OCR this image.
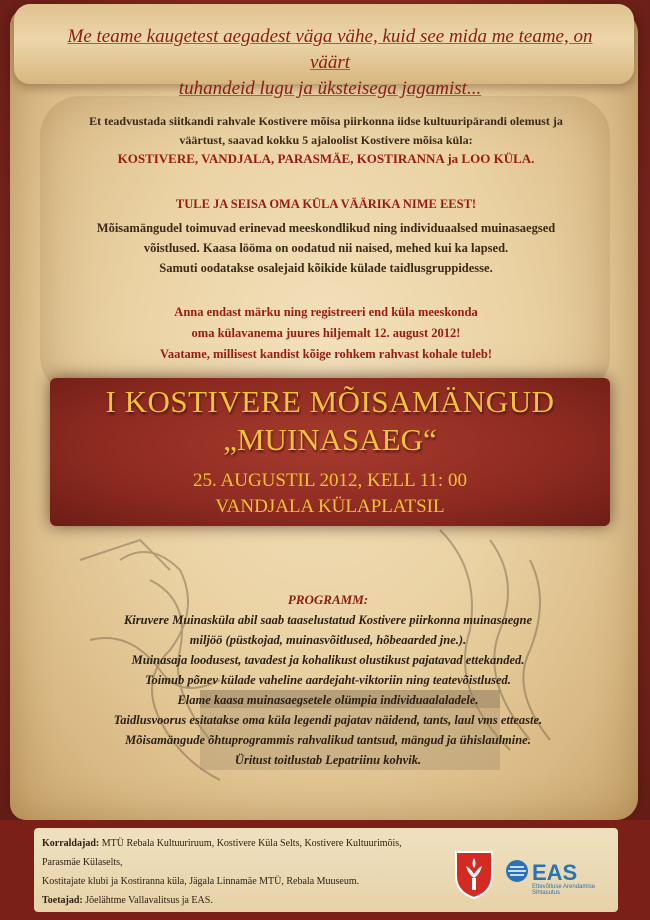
Me teame kaugetest aegadest väga vähe, kuid see mida me teame, on väärt
tuhandeid lugu ja üksteisega jagamist...
Et teadvustada siitkandi rahvale Kostivere mõisa piirkonna iidse kultuuripärandi olemust ja
väärtust, saavad kokku 5 ajaloolist Kostivere mõisa küla:
KOSTIVERE, VANDJALA, PARASMÄE, KOSTIRANNA ja LOO KÜLA.
TULE JA SEISA OMA KÜLA VÄÄRIKA NIME EEST!
Mõisamängudel toimuvad erinevad meeskondlikud ning individuaalsed muinasaegsed
võistlused. Kaasa lööma on oodatud nii naised, mehed kui ka lapsed.
Samuti oodatakse osalejaid kõikide külade taidlusgruppidesse.
Anna endast märku ning registreeri end küla meeskonda
oma külavanema juures hiljemalt 12. august 2012!
Vaatame, millisest kandist kõige rohkem rahvast kohale tuleb!
I KOSTIVERE MÕISAMÄNGUD
„MUINASAEG“
25. AUGUSTIL 2012, KELL 11: 00
VANDJALA KÜLAPLATSIL
PROGRAMM:
Kiruvere Muinasküla abil saab taaselustatud Kostivere piirkonna muinasaegne
miljöö (püstkojad, muinasvõitlused, hõbeaarded jne.).
Muinasaja loodusest, tavadest ja kohalikust olustikust pajatavad ettekanded.
Toimub põnev külade vaheline aardejaht-viktoriin ning teatevõistlused.
Elame kaasa muinasaegsetele olümpia individuaalaladele.
Taidlusvoorus esitatakse oma küla legendi pajatav näidend, tants, laul vms etteaste.
Mõisamängude õhtuprogrammis rahvalikud tantsud, mängud ja ühislaulmine.
Üritust toitlustab Lepatriinu kohvik.
Korraldajad: MTÜ Rebala Kultuuriruum, Kostivere Küla Selts, Kostivere Kultuurimõis, Parasmäe Külaselts,
Kostitajate klubi ja Kostiranna küla, Jägala Linnamäe MTÜ, Rebala Muuseum.
Toetajad: Jõelähtme Vallavalitsus ja EAS.
EAS
Ettevõtluse Arendamise Sihtasutus
